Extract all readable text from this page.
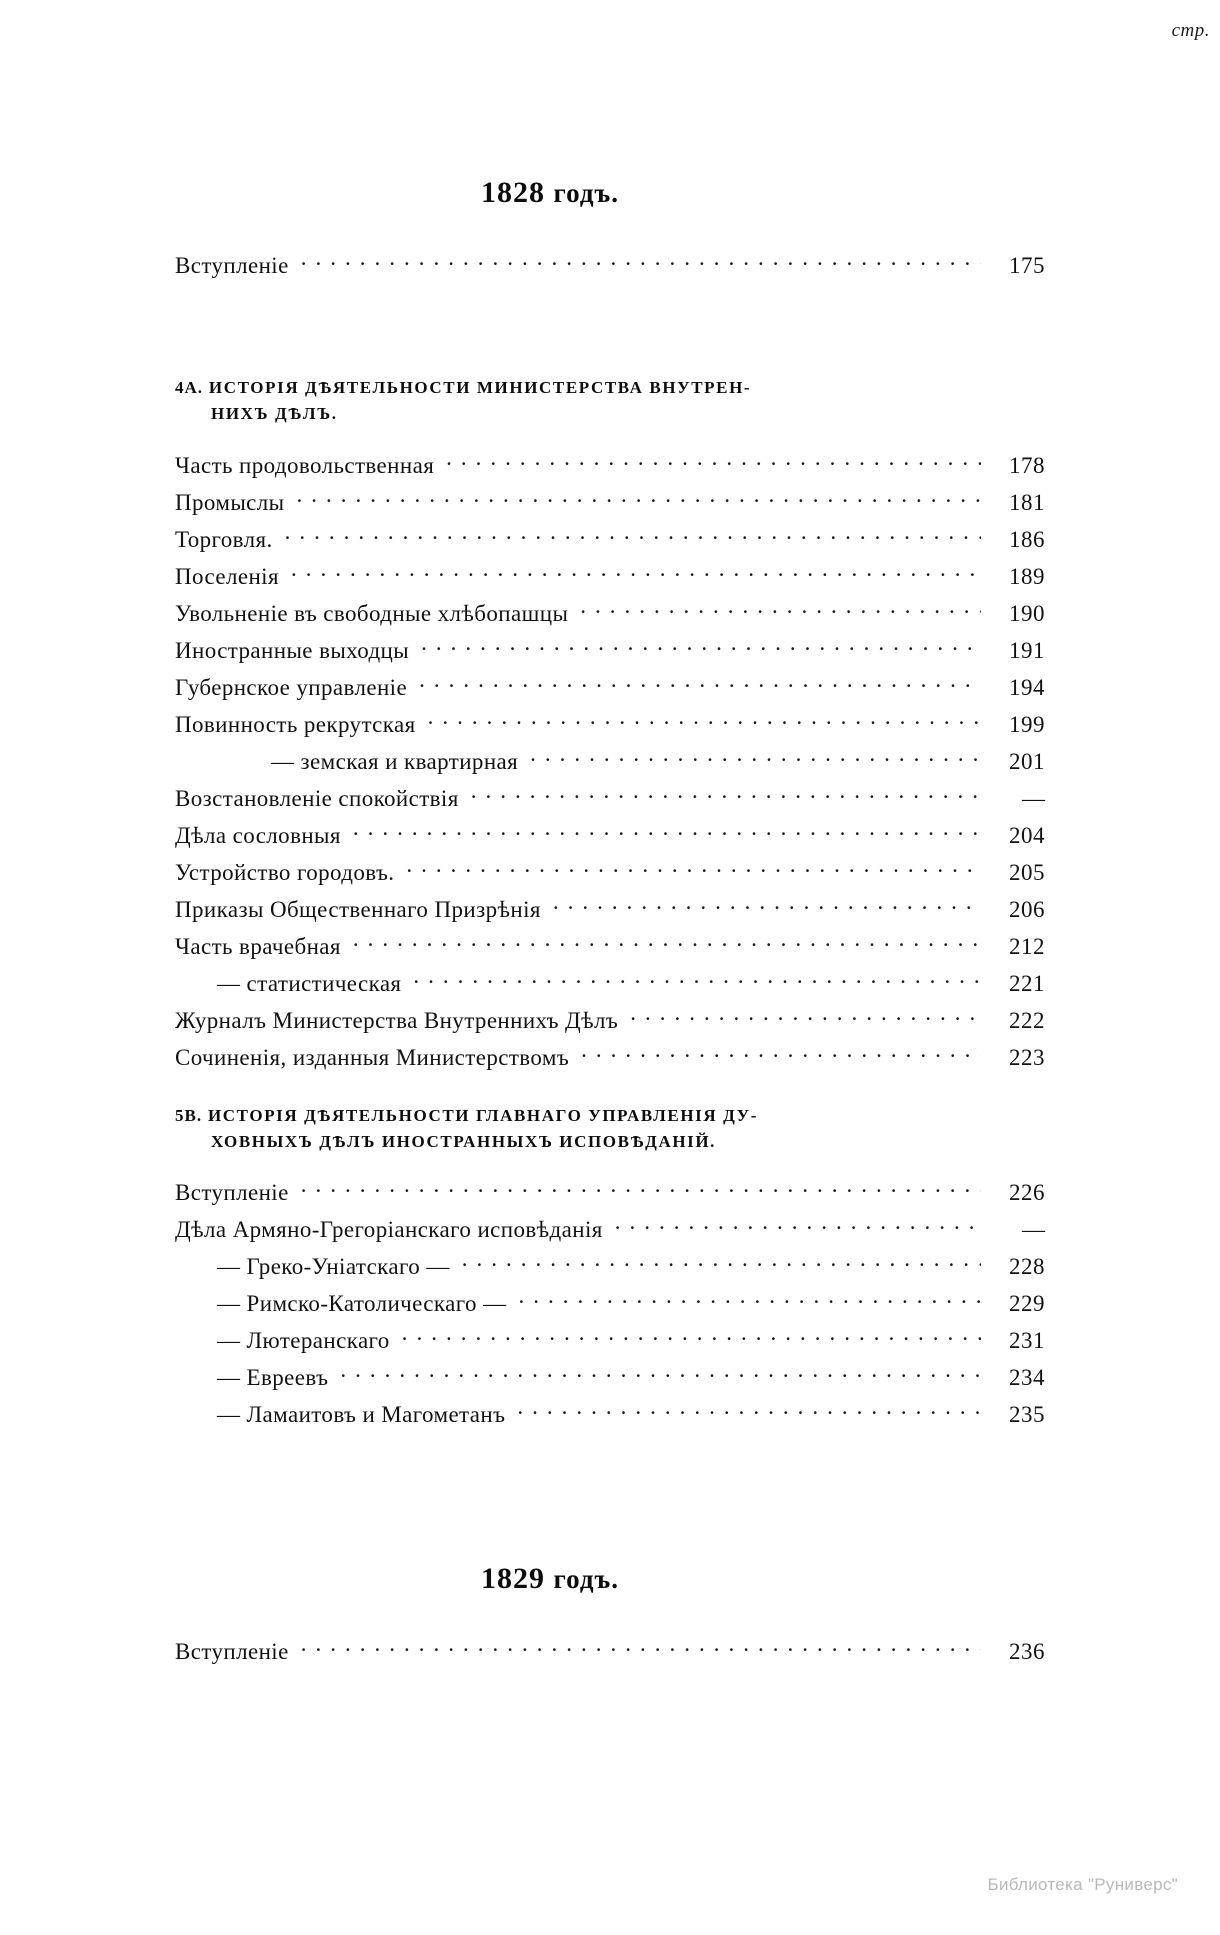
стр.
1828 годъ.
Вступленіе .....	175
4A. ИСТОРІЯ ДѢЯТЕЛЬНОСТИ МИНИСТЕРСТВА ВНУТРЕН-
НИХЪ ДѢЛЪ.
Часть продовольственная .....	178
Промыслы .....	181
Торговля. .....	186
Поселенія .....	189
Увольненіе въ свободные хлѣбопашцы .....	190
Иностранные выходцы .....	191
Губернское управленіе .....	194
Повинность рекрутская .....	199
— земская и квартирная .....	201
Возстановленіе спокойствія .....	—
Дѣла сословныя .....	204
Устройство городовъ. .....	205
Приказы Общественнаго Призрѣнія .....	206
Часть врачебная .....	212
— статистическая .....	221
Журналъ Министерства Внутреннихъ Дѣлъ .....	222
Сочиненія, изданныя Министерствомъ .....	223
5B. ИСТОРІЯ ДѢЯТЕЛЬНОСТИ ГЛАВНАГО УПРАВЛЕНІЯ ДУ-
ХОВНЫХЪ ДѢЛЪ ИНОСТРАННЫХЪ ИСПОВѢДАНІЙ.
Вступленіе .....	226
Дѣла Армяно-Грегоріанскаго исповѣданія .....	—
— Греко-Уніатскаго — .....	228
— Римско-Католическаго — .....	229
— Лютеранскаго .....	231
— Евреевъ .....	234
— Ламаитовъ и Магометанъ .....	235
1829 годъ.
Вступленіе .....	236
Библиотека "Руниверс"
